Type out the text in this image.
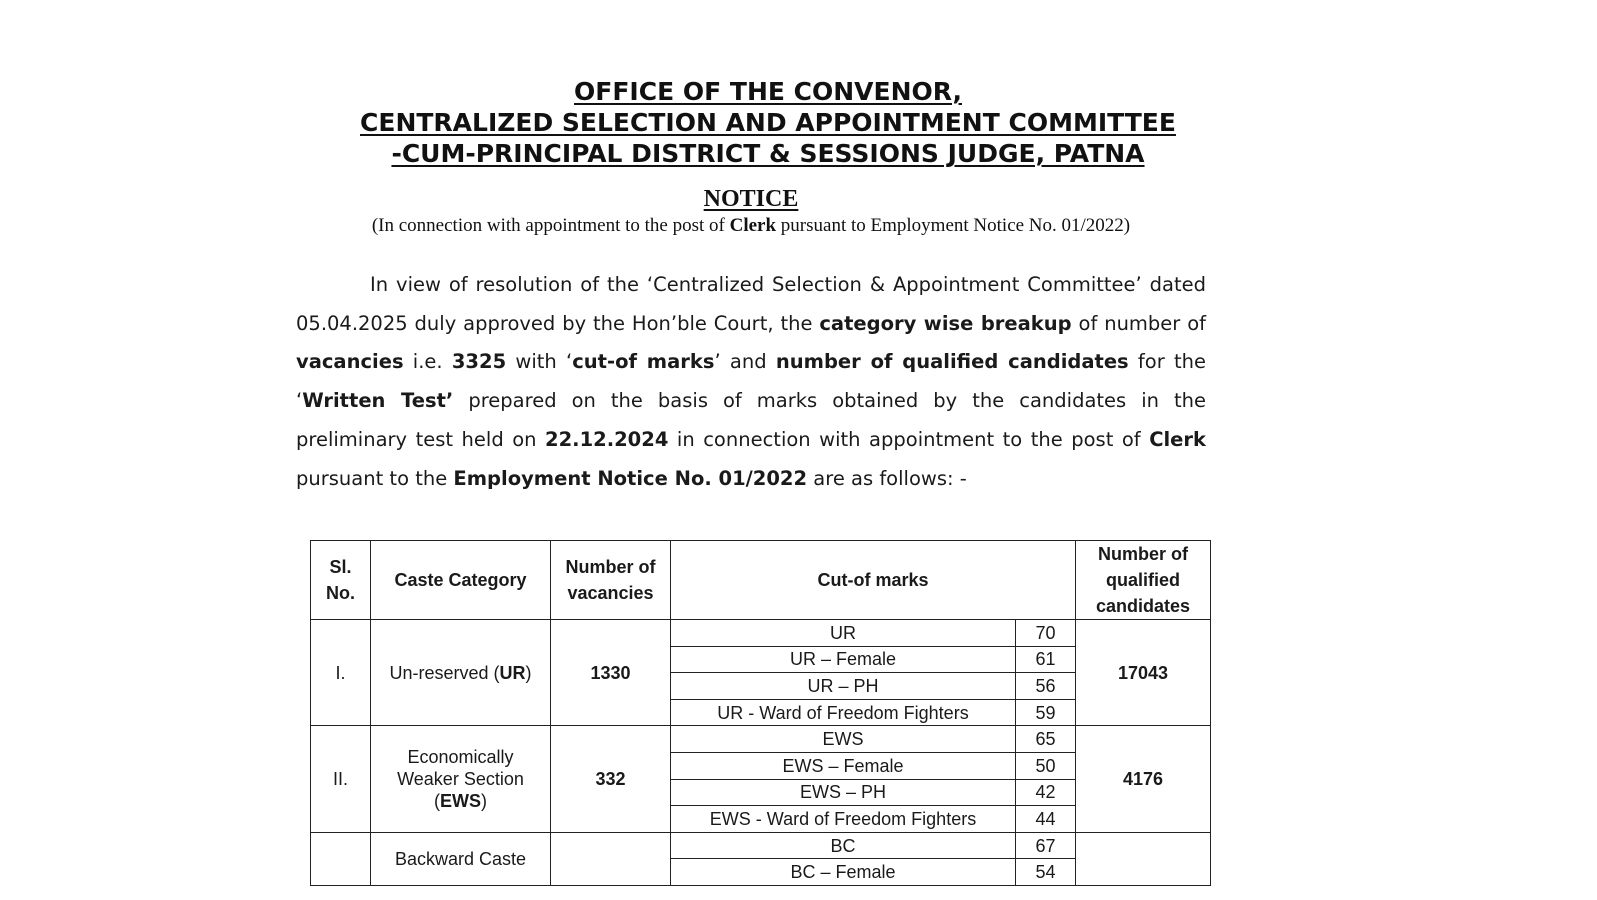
OFFICE OF THE CONVENOR,
CENTRALIZED SELECTION AND APPOINTMENT COMMITTEE
-CUM-PRINCIPAL DISTRICT & SESSIONS JUDGE, PATNA
NOTICE
(In connection with appointment to the post of Clerk pursuant to Employment Notice No. 01/2022)
In view of resolution of the ‘Centralized Selection & Appointment Committee’ dated 05.04.2025 duly approved by the Hon’ble Court, the category wise breakup of number of vacancies i.e. 3325 with ‘cut-of marks’ and number of qualified candidates for the ‘Written Test’ prepared on the basis of marks obtained by the candidates in the preliminary test held on 22.12.2024 in connection with appointment to the post of Clerk pursuant to the Employment Notice No. 01/2022 are as follows: -
Sl. No.	Caste Category	Number of vacancies	Cut-of marks		Number of qualified candidates
I.	Un-reserved (UR)	1330	UR	70	17043
			UR – Female	61	
			UR – PH	56	
			UR - Ward of Freedom Fighters	59	
II.	Economically Weaker Section (EWS)	332	EWS	65	4176
			EWS – Female	50	
			EWS – PH	42	
			EWS - Ward of Freedom Fighters	44	
	Backward Caste		BC	67	
			BC – Female	54	
